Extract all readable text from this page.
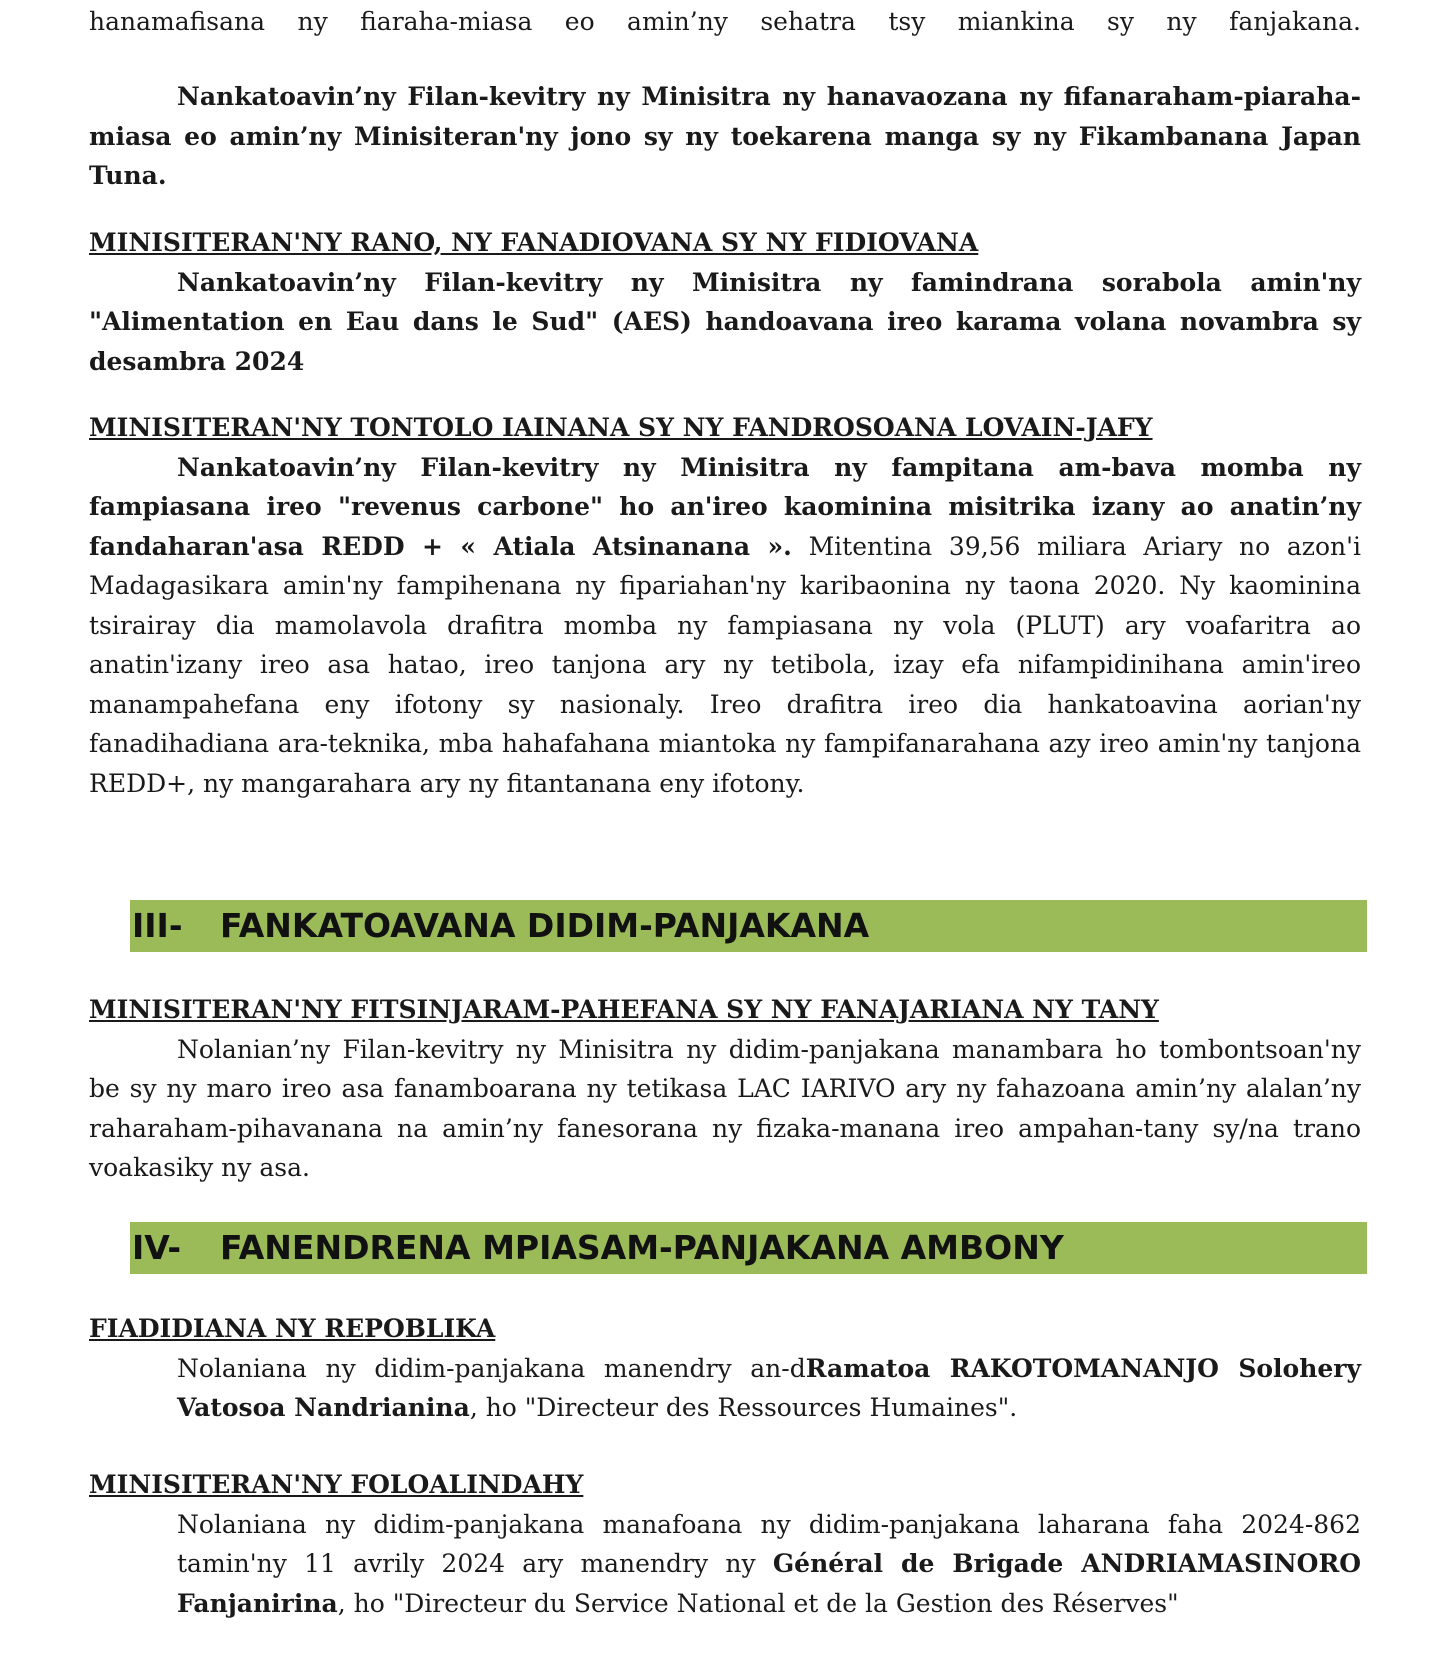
hanamafisana ny fiaraha-miasa eo amin’ny sehatra tsy miankina sy ny fanjakana.

Nankatoavin’ny Filan-kevitry ny Minisitra ny hanavaozana ny fifanaraham-piaraha-miasa eo amin’ny Minisiteran'ny jono sy ny toekarena manga sy ny Fikambanana Japan Tuna.

MINISITERAN'NY RANO, NY FANADIOVANA SY NY FIDIOVANA

Nankatoavin’ny Filan-kevitry ny Minisitra ny famindrana sorabola amin'ny "Alimentation en Eau dans le Sud" (AES) handoavana ireo karama volana novambra sy desambra 2024

MINISITERAN'NY TONTOLO IAINANA SY NY FANDROSOANA LOVAIN-JAFY

Nankatoavin’ny Filan-kevitry ny Minisitra ny fampitana am-bava momba ny fampiasana ireo "revenus carbone" ho an'ireo kaominina misitrika izany ao anatin’ny fandaharan'asa REDD + « Atiala Atsinanana ». Mitentina 39,56 miliara Ariary no azon'i Madagasikara amin'ny fampihenana ny fipariahan'ny karibaonina ny taona 2020. Ny kaominina tsirairay dia mamolavola drafitra momba ny fampiasana ny vola (PLUT) ary voafaritra ao anatin'izany ireo asa hatao, ireo tanjona ary ny tetibola, izay efa nifampidinihana amin'ireo manampahefana eny ifotony sy nasionaly. Ireo drafitra ireo dia hankatoavina aorian'ny fanadihadiana ara-teknika, mba hahafahana miantoka ny fampifanarahana azy ireo amin'ny tanjona REDD+, ny mangarahara ary ny fitantanana eny ifotony.

III- FANKATOAVANA DIDIM-PANJAKANA

MINISITERAN'NY FITSINJARAM-PAHEFANA SY NY FANAJARIANA NY TANY

Nolanian’ny Filan-kevitry ny Minisitra ny didim-panjakana manambara ho tombontsoan'ny be sy ny maro ireo asa fanamboarana ny tetikasa LAC IARIVO ary ny fahazoana amin’ny alalan’ny raharaham-pihavanana na amin’ny fanesorana ny fizaka-manana ireo ampahan-tany sy/na trano voakasiky ny asa.

IV- FANENDRENA MPIASAM-PANJAKANA AMBONY

FIADIDIANA NY REPOBLIKA

Nolaniana ny didim-panjakana manendry an-dRamatoa RAKOTOMANANJO Solohery Vatosoa Nandrianina, ho "Directeur des Ressources Humaines".

MINISITERAN'NY FOLOALINDAHY

Nolaniana ny didim-panjakana manafoana ny didim-panjakana laharana faha 2024-862 tamin'ny 11 avrily 2024 ary manendry ny Général de Brigade ANDRIAMASINORO Fanjanirina, ho "Directeur du Service National et de la Gestion des Réserves"
